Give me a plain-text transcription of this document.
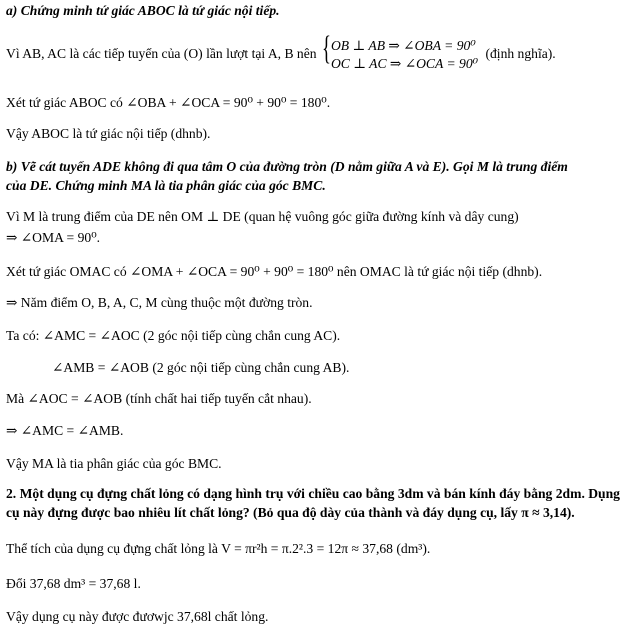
a) Chứng minh tứ giác ABOC là tứ giác nội tiếp.
Vì AB, AC là các tiếp tuyến của (O) lần lượt tại A, B nên { OB ⊥ AB ⇒ ∠OBA = 90⁰
OC ⊥ AC ⇒ ∠OCA = 90⁰
(định nghĩa).
Xét tứ giác ABOC có ∠OBA + ∠OCA = 90⁰ + 90⁰ = 180⁰.
Vậy ABOC là tứ giác nội tiếp (dhnb).
b) Vẽ cát tuyến ADE không đi qua tâm O của đường tròn (D nằm giữa A và E). Gọi M là trung điểm
của DE. Chứng minh MA là tia phân giác của góc BMC.
Vì M là trung điểm của DE nên OM ⊥ DE (quan hệ vuông góc giữa đường kính và dây cung)
⇒ ∠OMA = 90⁰.
Xét tứ giác OMAC có ∠OMA + ∠OCA = 90⁰ + 90⁰ = 180⁰ nên OMAC là tứ giác nội tiếp (dhnb).
⇒ Năm điểm O, B, A, C, M cùng thuộc một đường tròn.
Ta có: ∠AMC = ∠AOC (2 góc nội tiếp cùng chắn cung AC).
∠AMB = ∠AOB (2 góc nội tiếp cùng chắn cung AB).
Mà ∠AOC = ∠AOB (tính chất hai tiếp tuyến cắt nhau).
⇒ ∠AMC = ∠AMB.
Vậy MA là tia phân giác của góc BMC.
2. Một dụng cụ đựng chất lỏng có dạng hình trụ với chiều cao bằng 3dm và bán kính đáy bằng 2dm. Dụng
cụ này đựng được bao nhiêu lít chất lỏng? (Bỏ qua độ dày của thành và đáy dụng cụ, lấy π ≈ 3,14).
Thể tích của dụng cụ đựng chất lỏng là V = πr²h = π.2².3 = 12π ≈ 37,68 (dm³).
Đổi 37,68 dm³ = 37,68 l.
Vậy dụng cụ này được đươwjc 37,68l chất lỏng.
